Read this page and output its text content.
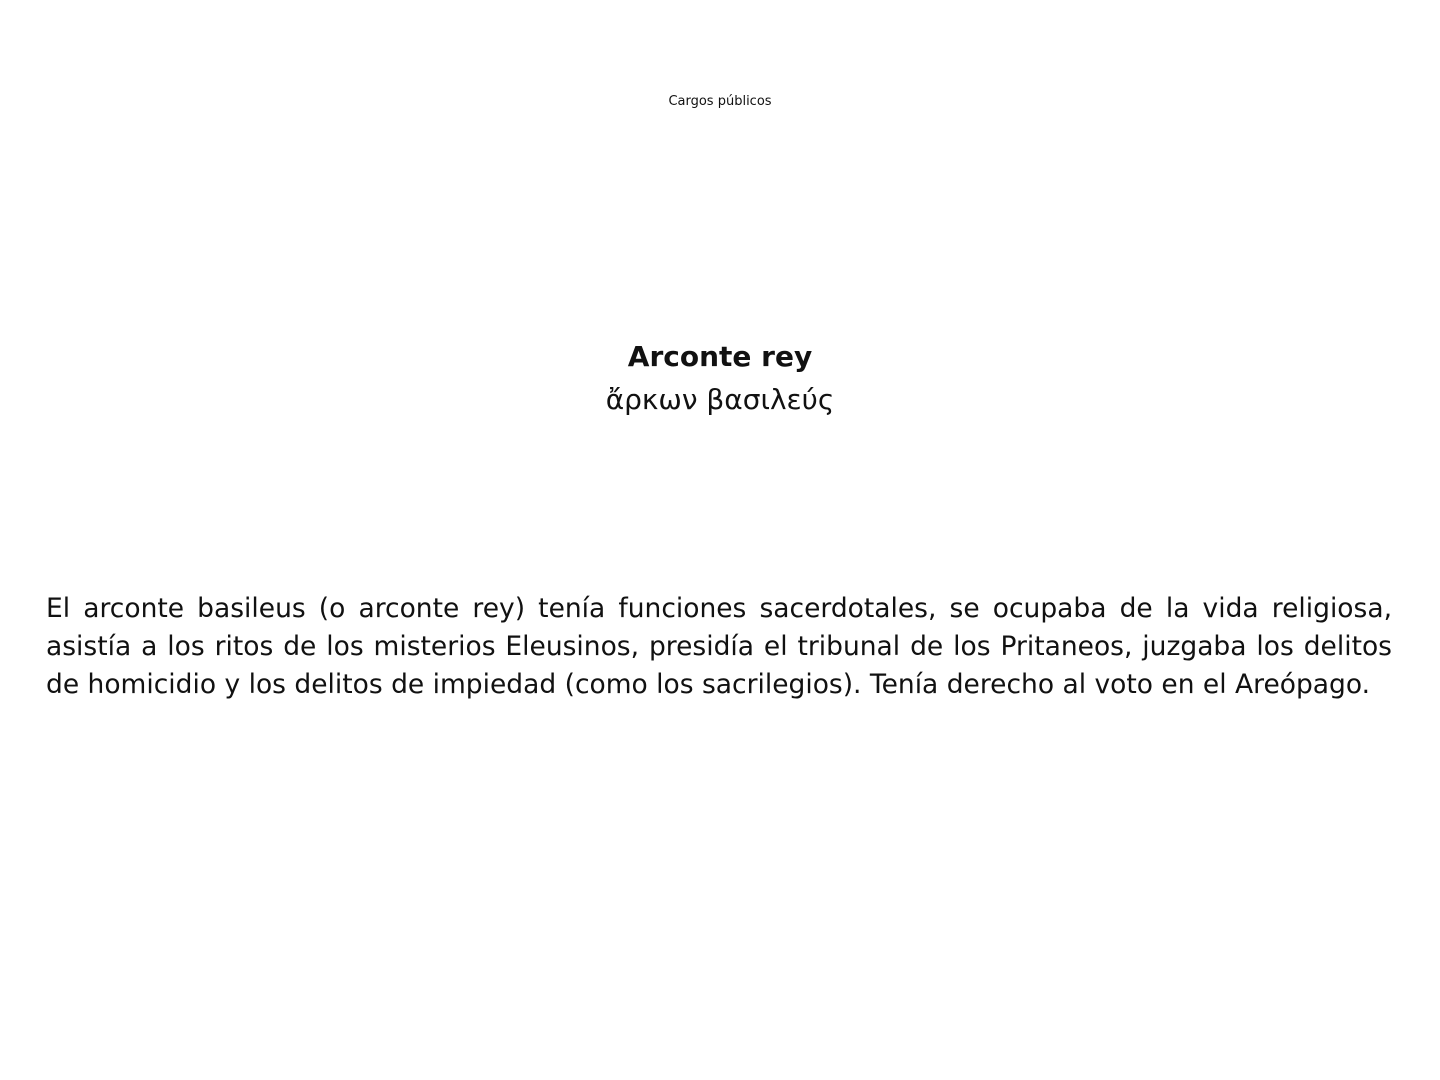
Cargos públicos
Arconte rey
ἄρκων βασιλεύς

El arconte basileus (o arconte rey) tenía funciones sacerdotales, se ocupaba de la vida religiosa, asistía a los ritos de los misterios Eleusinos, presidía el tribunal de los Pritaneos, juzgaba los delitos de homicidio y los delitos de impiedad (como los sacrilegios). Tenía derecho al voto en el Areópago.
